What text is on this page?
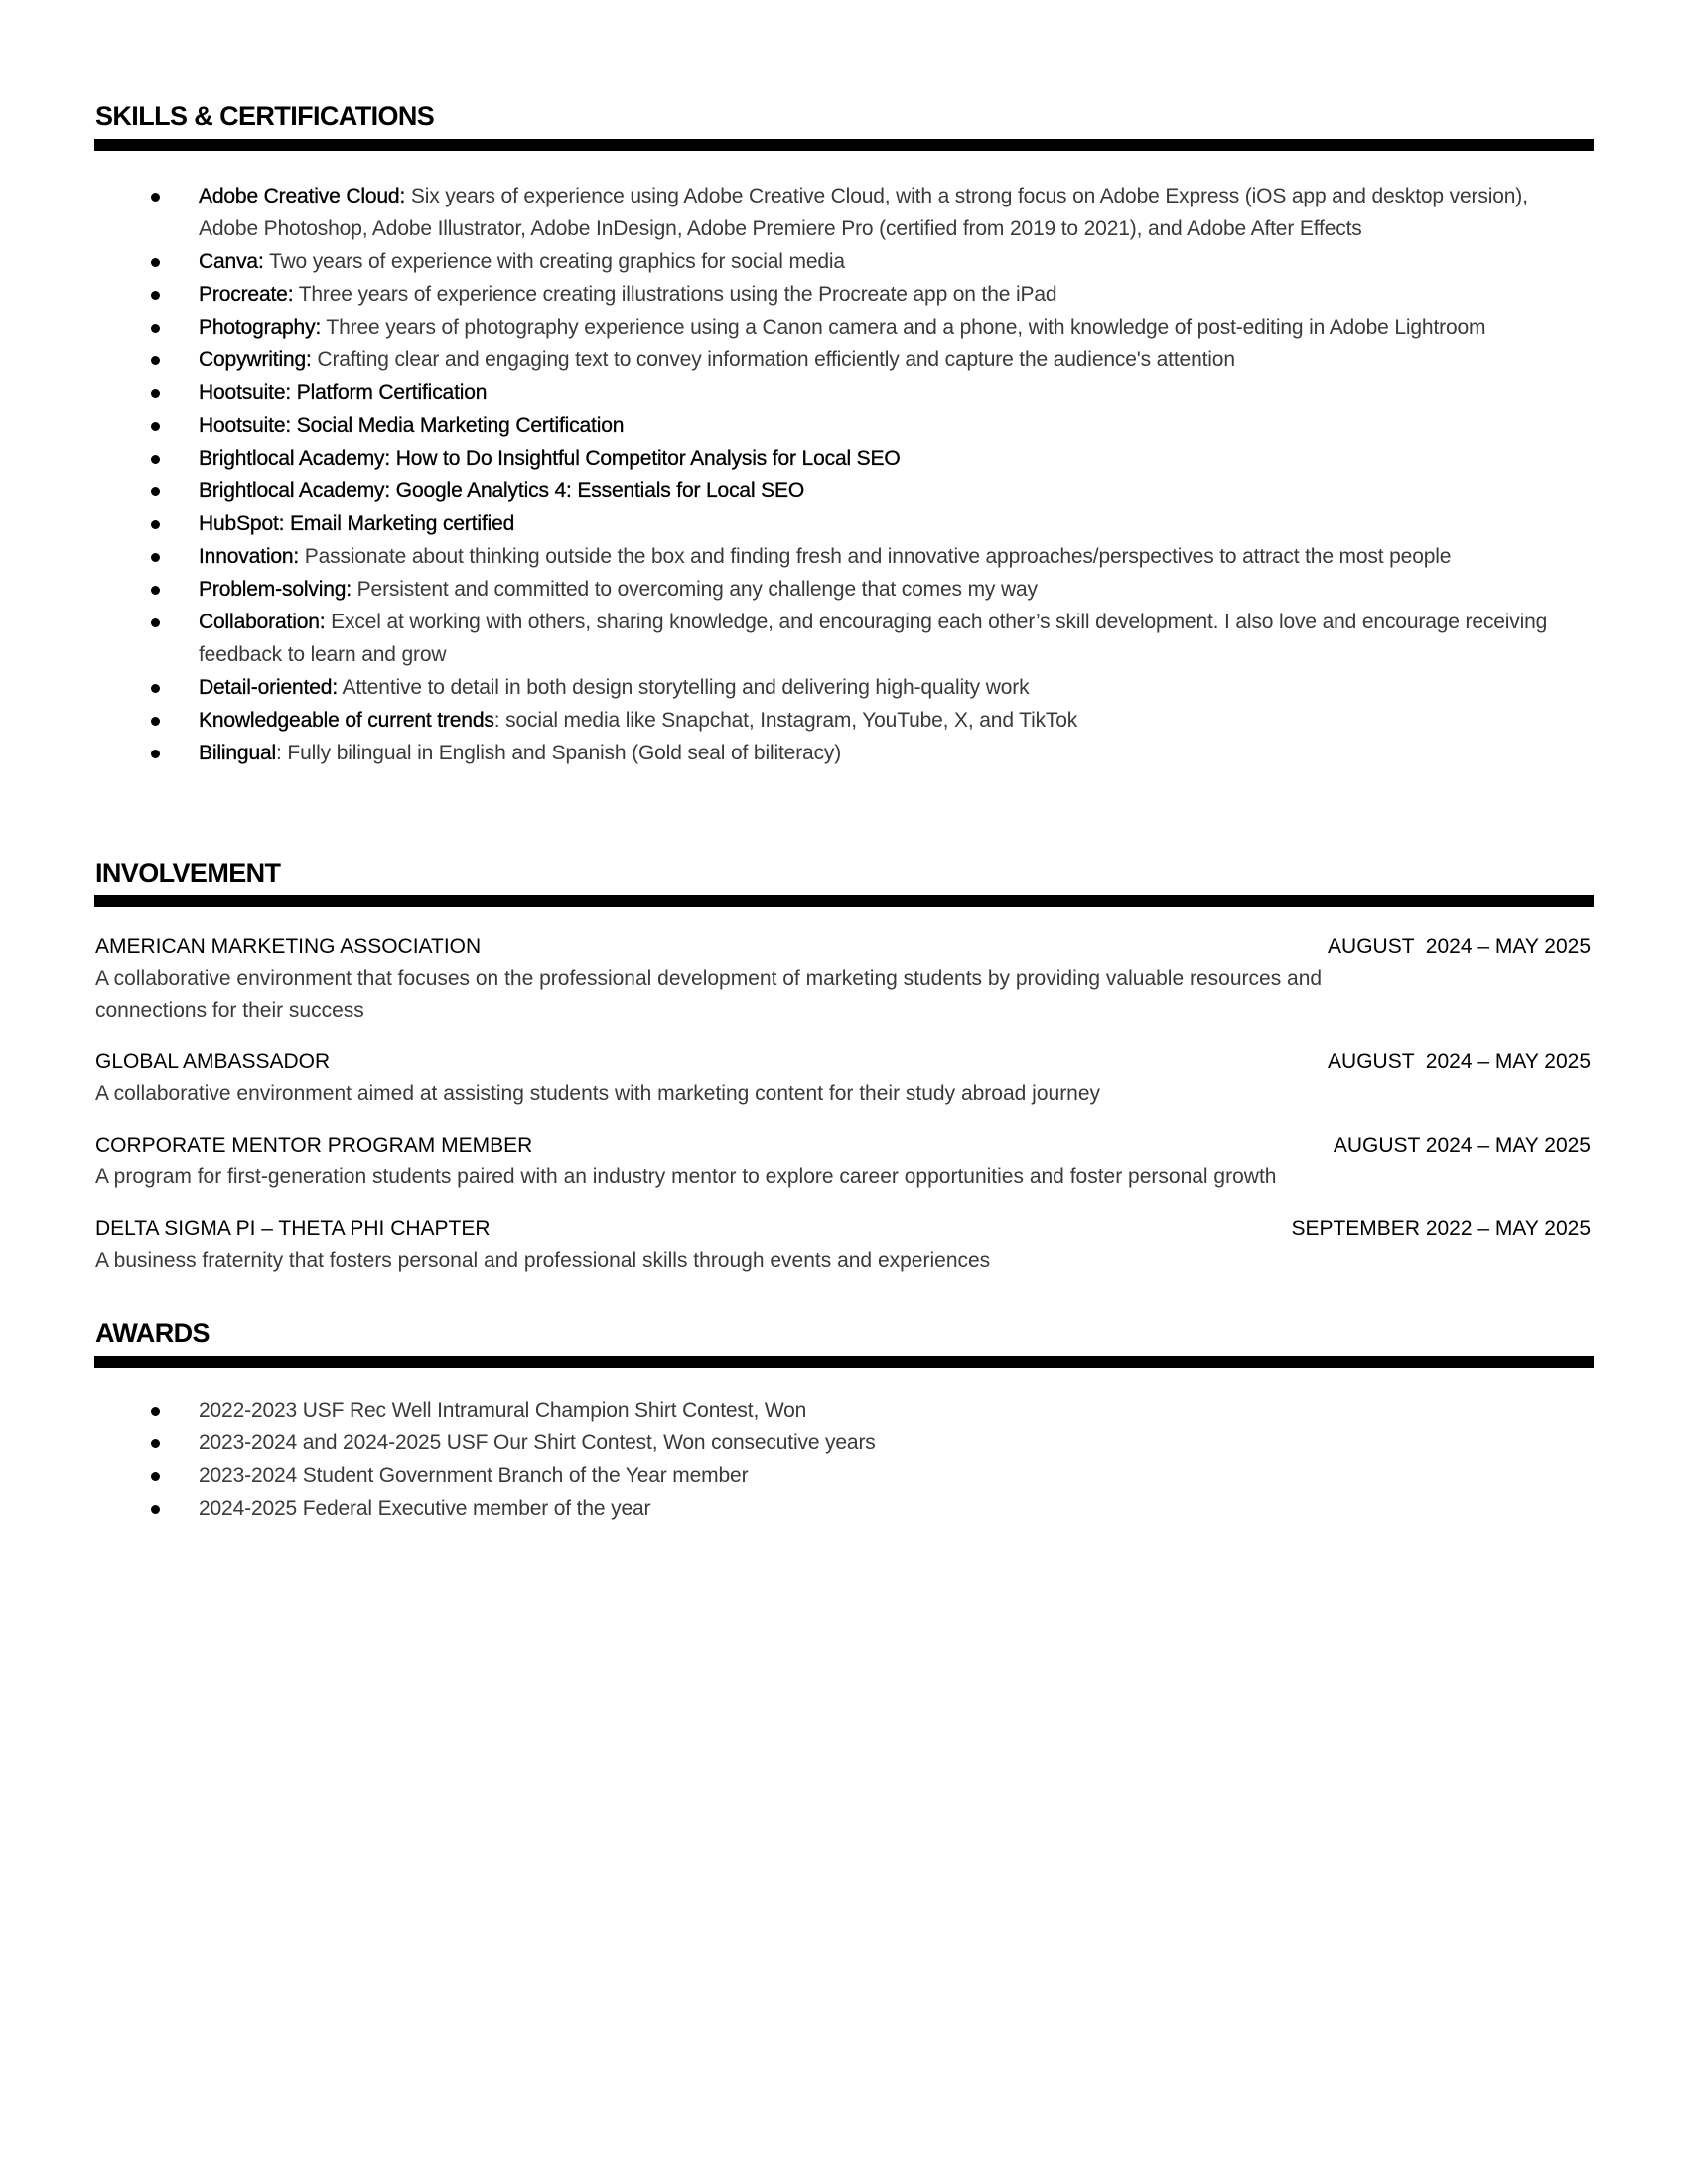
SKILLS & CERTIFICATIONS
Adobe Creative Cloud: Six years of experience using Adobe Creative Cloud, with a strong focus on Adobe Express (iOS app and desktop version), Adobe Photoshop, Adobe Illustrator, Adobe InDesign, Adobe Premiere Pro (certified from 2019 to 2021), and Adobe After Effects
Canva: Two years of experience with creating graphics for social media
Procreate: Three years of experience creating illustrations using the Procreate app on the iPad
Photography: Three years of photography experience using a Canon camera and a phone, with knowledge of post-editing in Adobe Lightroom
Copywriting: Crafting clear and engaging text to convey information efficiently and capture the audience's attention
Hootsuite: Platform Certification
Hootsuite: Social Media Marketing Certification
Brightlocal Academy: How to Do Insightful Competitor Analysis for Local SEO
Brightlocal Academy: Google Analytics 4: Essentials for Local SEO
HubSpot: Email Marketing certified
Innovation: Passionate about thinking outside the box and finding fresh and innovative approaches/perspectives to attract the most people
Problem-solving: Persistent and committed to overcoming any challenge that comes my way
Collaboration: Excel at working with others, sharing knowledge, and encouraging each other’s skill development. I also love and encourage receiving feedback to learn and grow
Detail-oriented: Attentive to detail in both design storytelling and delivering high-quality work
Knowledgeable of current trends: social media like Snapchat, Instagram, YouTube, X, and TikTok
Bilingual: Fully bilingual in English and Spanish (Gold seal of biliteracy)
INVOLVEMENT
AMERICAN MARKETING ASSOCIATION	AUGUST  2024 – MAY 2025
A collaborative environment that focuses on the professional development of marketing students by providing valuable resources and connections for their success
GLOBAL AMBASSADOR	AUGUST  2024 – MAY 2025
A collaborative environment aimed at assisting students with marketing content for their study abroad journey
CORPORATE MENTOR PROGRAM MEMBER	AUGUST 2024 – MAY 2025
A program for first-generation students paired with an industry mentor to explore career opportunities and foster personal growth
DELTA SIGMA PI – THETA PHI CHAPTER	SEPTEMBER 2022 – MAY 2025
A business fraternity that fosters personal and professional skills through events and experiences
AWARDS
2022-2023 USF Rec Well Intramural Champion Shirt Contest, Won
2023-2024 and 2024-2025 USF Our Shirt Contest, Won consecutive years
2023-2024 Student Government Branch of the Year member
2024-2025 Federal Executive member of the year
